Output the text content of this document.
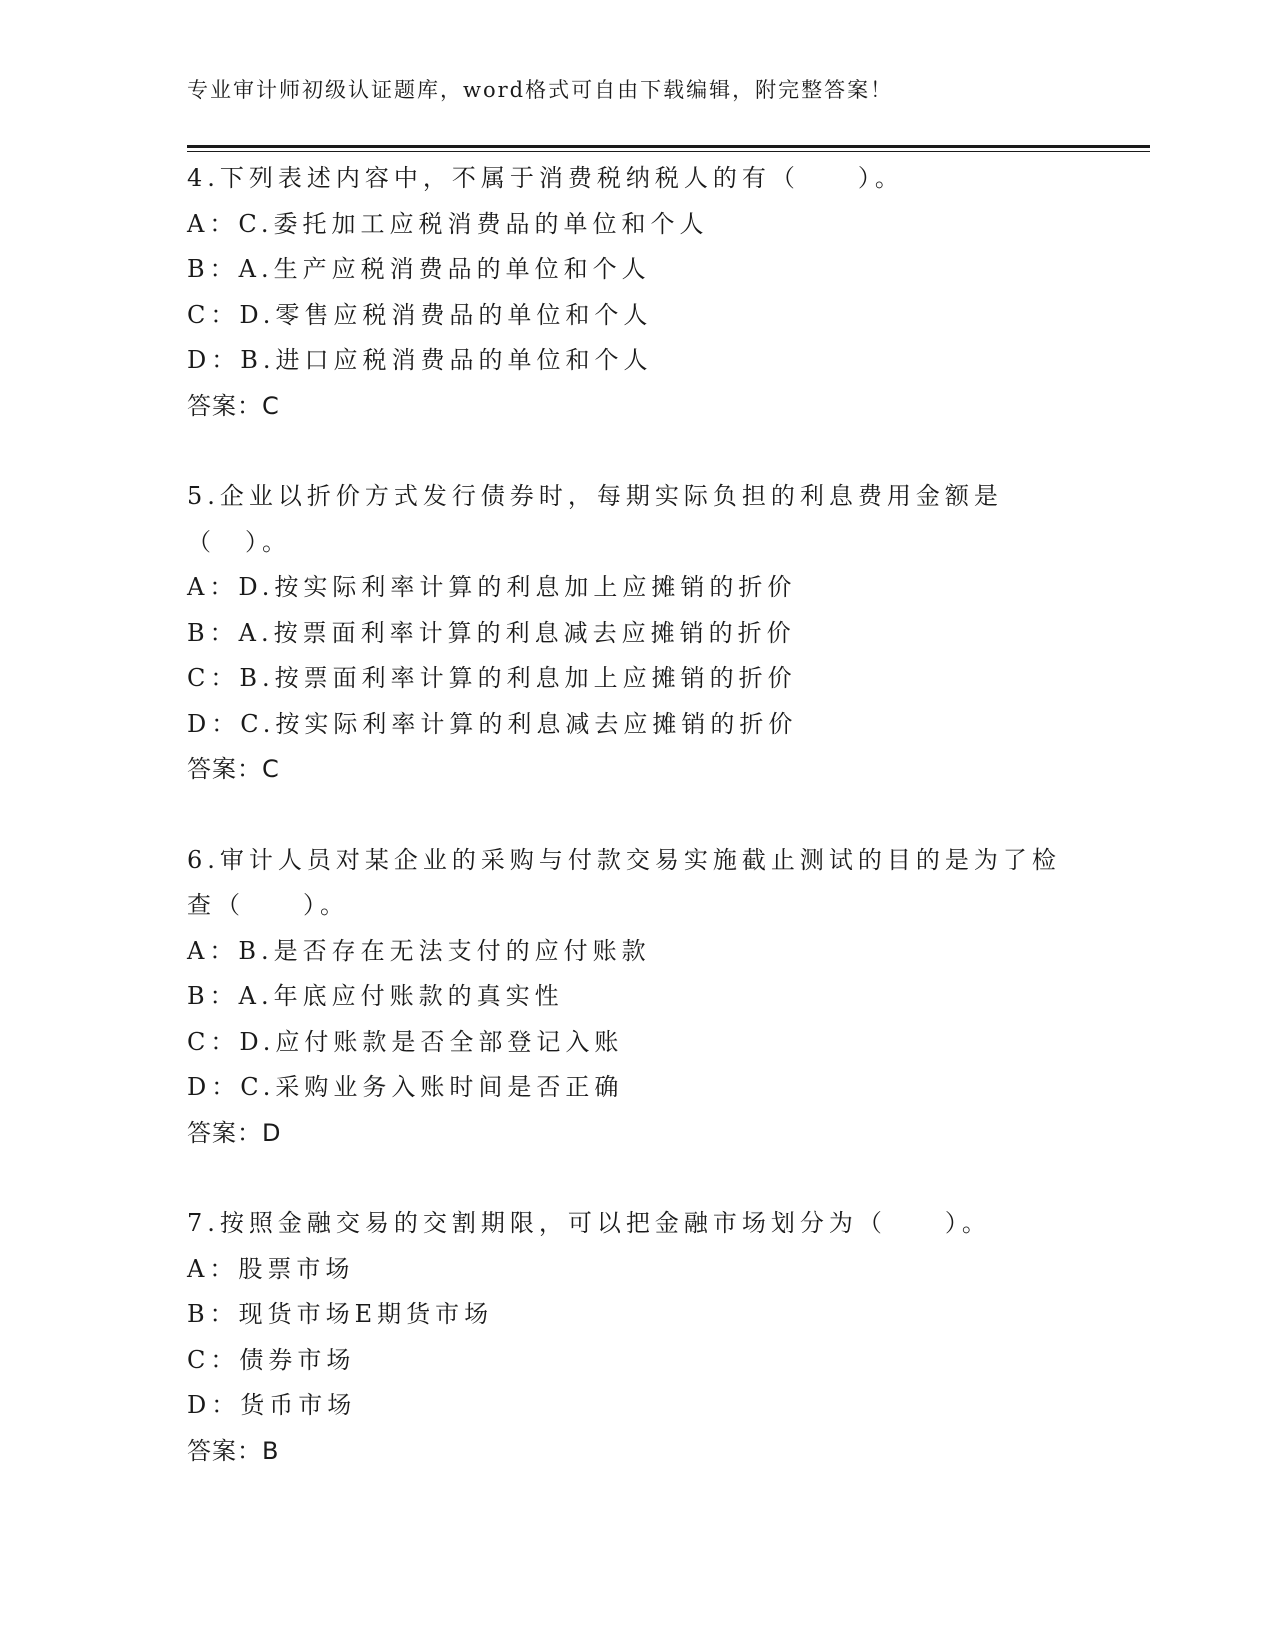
专业审计师初级认证题库，word格式可自由下载编辑，附完整答案！
4.下列表述内容中，不属于消费税纳税人的有（　　）。
A：C.委托加工应税消费品的单位和个人
B：A.生产应税消费品的单位和个人
C：D.零售应税消费品的单位和个人
D：B.进口应税消费品的单位和个人
答案：C
5.企业以折价方式发行债券时，每期实际负担的利息费用金额是（　）。
A：D.按实际利率计算的利息加上应摊销的折价
B：A.按票面利率计算的利息减去应摊销的折价
C：B.按票面利率计算的利息加上应摊销的折价
D：C.按实际利率计算的利息减去应摊销的折价
答案：C
6.审计人员对某企业的采购与付款交易实施截止测试的目的是为了检查（　　）。
A：B.是否存在无法支付的应付账款
B：A.年底应付账款的真实性
C：D.应付账款是否全部登记入账
D：C.采购业务入账时间是否正确
答案：D
7.按照金融交易的交割期限，可以把金融市场划分为（　　）。
A：股票市场
B：现货市场E期货市场
C：债券市场
D：货币市场
答案：B
